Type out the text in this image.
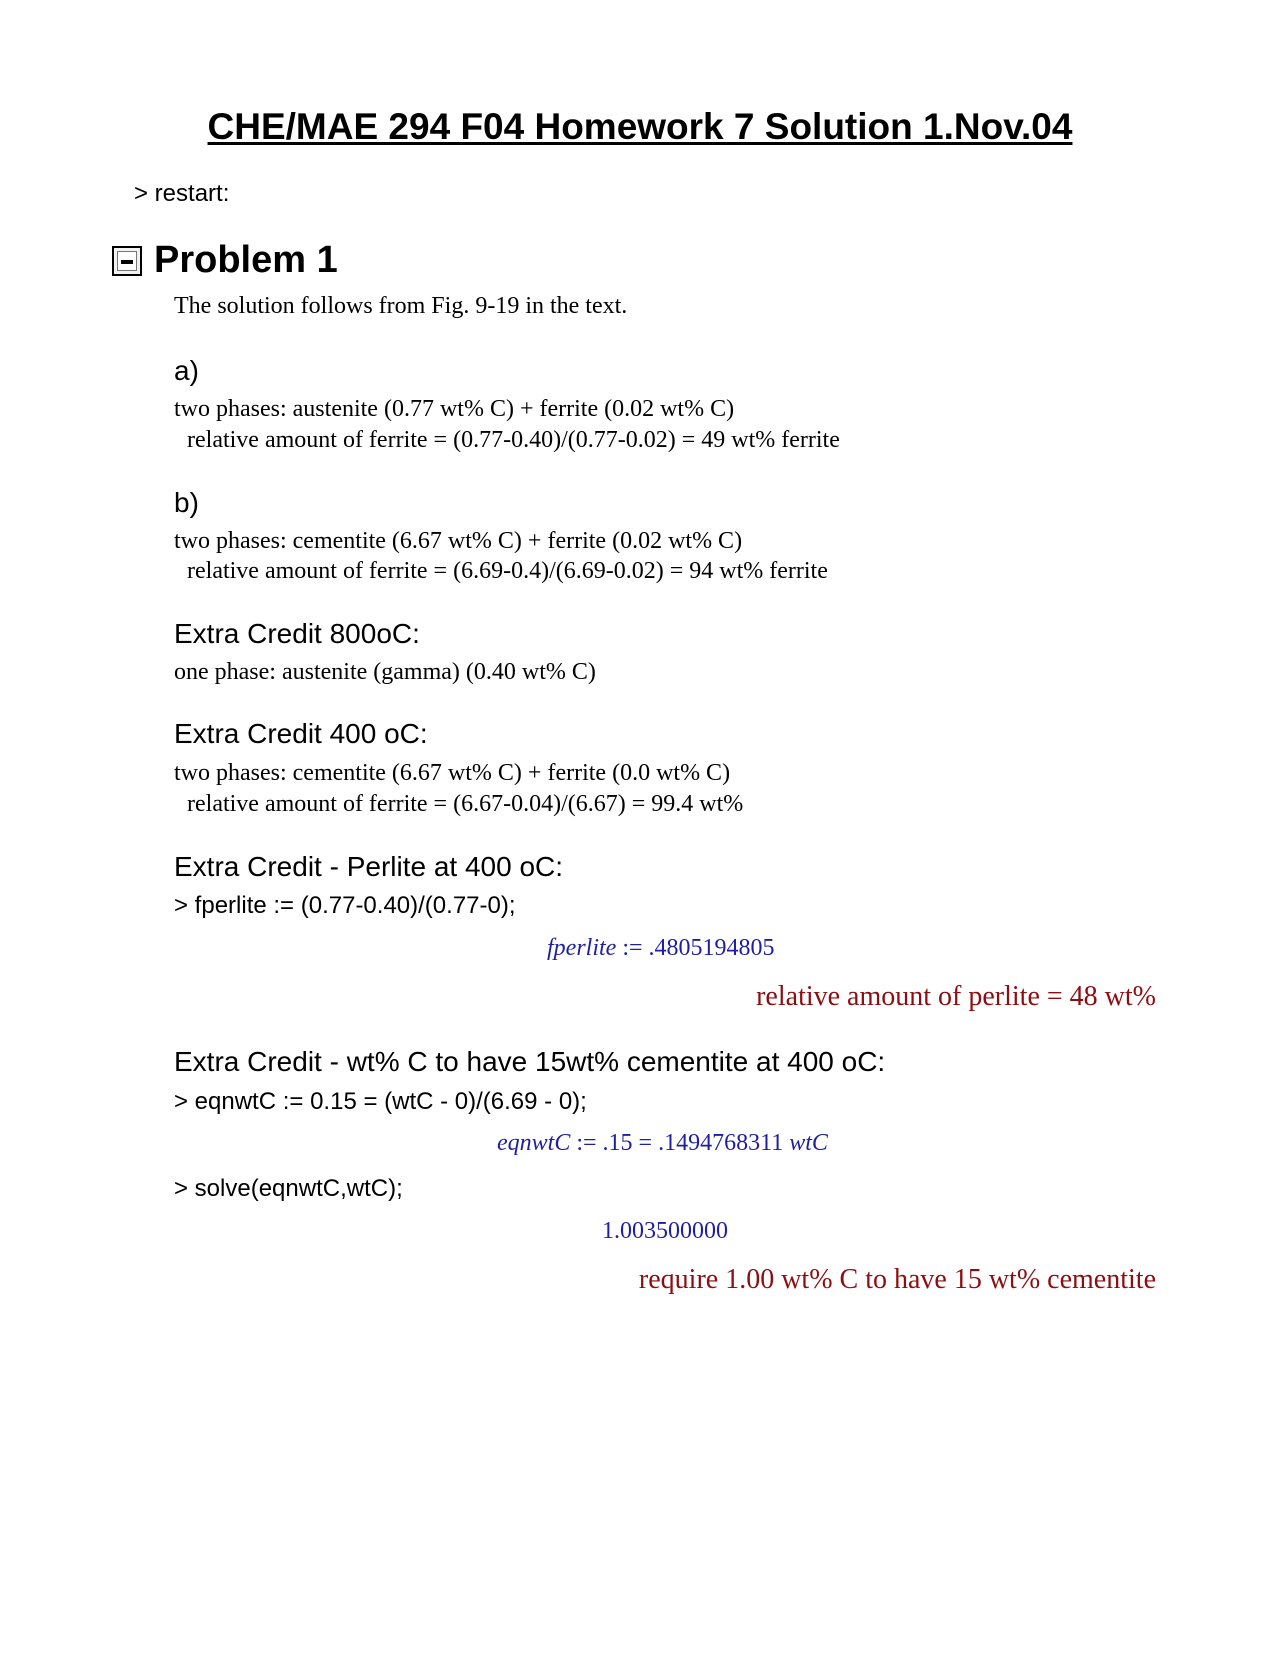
CHE/MAE 294 F04 Homework 7 Solution 1.Nov.04
> restart:
Problem 1
The solution follows from Fig. 9-19 in the text.
a)
two phases: austenite (0.77 wt% C) + ferrite (0.02 wt% C)
relative amount of ferrite = (0.77-0.40)/(0.77-0.02) = 49 wt% ferrite
b)
two phases: cementite (6.67 wt% C) + ferrite (0.02 wt% C)
relative amount of ferrite = (6.69-0.4)/(6.69-0.02) = 94 wt% ferrite
Extra Credit 800oC:
one phase: austenite (gamma) (0.40 wt% C)
Extra Credit 400 oC:
two phases: cementite (6.67 wt% C) + ferrite (0.0 wt% C)
relative amount of ferrite = (6.67-0.04)/(6.67) = 99.4 wt%
Extra Credit - Perlite at 400 oC:
> fperlite := (0.77-0.40)/(0.77-0);
fperlite := .4805194805
relative amount of perlite = 48 wt%
Extra Credit - wt% C to have 15wt% cementite at 400 oC:
> eqnwtC := 0.15 = (wtC - 0)/(6.69 - 0);
eqnwtC := .15 = .1494768311 wtC
> solve(eqnwtC,wtC);
1.003500000
require 1.00 wt% C to have 15 wt% cementite
